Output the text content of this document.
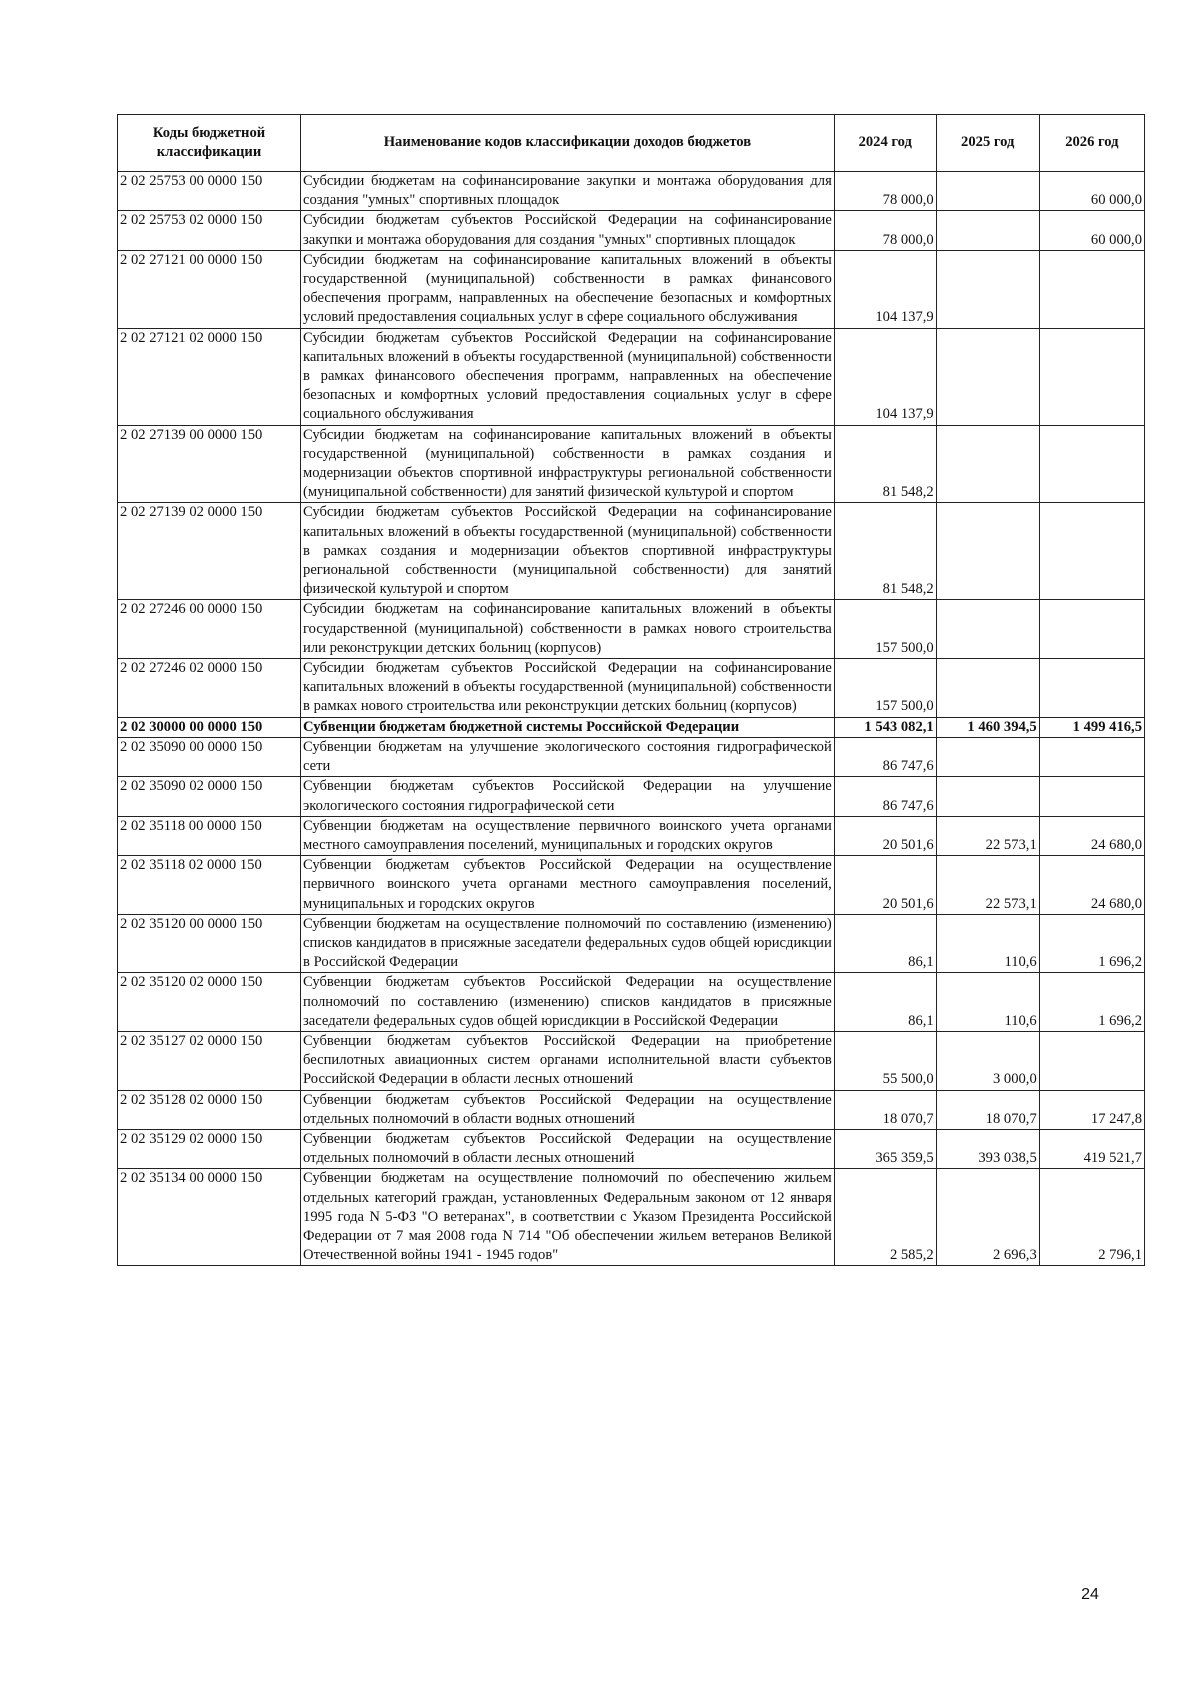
Коды бюджетной классификации	Наименование кодов классификации доходов бюджетов	2024 год	2025 год	2026 год
2 02 25753 00 0000 150	Субсидии бюджетам на софинансирование закупки и монтажа оборудования для создания "умных" спортивных площадок	78 000,0		60 000,0
2 02 25753 02 0000 150	Субсидии бюджетам субъектов Российской Федерации на софинансирование закупки и монтажа оборудования для создания "умных" спортивных площадок	78 000,0		60 000,0
2 02 27121 00 0000 150	Субсидии бюджетам на софинансирование капитальных вложений в объекты государственной (муниципальной) собственности в рамках финансового обеспечения программ, направленных на обеспечение безопасных и комфортных условий предоставления социальных услуг в сфере социального обслуживания	104 137,9		
2 02 27121 02 0000 150	Субсидии бюджетам субъектов Российской Федерации на софинансирование капитальных вложений в объекты государственной (муниципальной) собственности в рамках финансового обеспечения программ, направленных на обеспечение безопасных и комфортных условий предоставления социальных услуг в сфере социального обслуживания	104 137,9		
2 02 27139 00 0000 150	Субсидии бюджетам на софинансирование капитальных вложений в объекты государственной (муниципальной) собственности в рамках создания и модернизации объектов спортивной инфраструктуры региональной собственности (муниципальной собственности) для занятий физической культурой и спортом	81 548,2		
2 02 27139 02 0000 150	Субсидии бюджетам субъектов Российской Федерации на софинансирование капитальных вложений в объекты государственной (муниципальной) собственности в рамках создания и модернизации объектов спортивной инфраструктуры региональной собственности (муниципальной собственности) для занятий физической культурой и спортом	81 548,2		
2 02 27246 00 0000 150	Субсидии бюджетам на софинансирование капитальных вложений в объекты государственной (муниципальной) собственности в рамках нового строительства или реконструкции детских больниц (корпусов)	157 500,0		
2 02 27246 02 0000 150	Субсидии бюджетам субъектов Российской Федерации на софинансирование капитальных вложений в объекты государственной (муниципальной) собственности в рамках нового строительства или реконструкции детских больниц (корпусов)	157 500,0		
2 02 30000 00 0000 150	Субвенции бюджетам бюджетной системы Российской Федерации	1 543 082,1	1 460 394,5	1 499 416,5
2 02 35090 00 0000 150	Субвенции бюджетам на улучшение экологического состояния гидрографической сети	86 747,6		
2 02 35090 02 0000 150	Субвенции бюджетам субъектов Российской Федерации на улучшение экологического состояния гидрографической сети	86 747,6		
2 02 35118 00 0000 150	Субвенции бюджетам на осуществление первичного воинского учета органами местного самоуправления поселений, муниципальных и городских округов	20 501,6	22 573,1	24 680,0
2 02 35118 02 0000 150	Субвенции бюджетам субъектов Российской Федерации на осуществление первичного воинского учета органами местного самоуправления поселений, муниципальных и городских округов	20 501,6	22 573,1	24 680,0
2 02 35120 00 0000 150	Субвенции бюджетам на осуществление полномочий по составлению (изменению) списков кандидатов в присяжные заседатели федеральных судов общей юрисдикции в Российской Федерации	86,1	110,6	1 696,2
2 02 35120 02 0000 150	Субвенции бюджетам субъектов Российской Федерации на осуществление полномочий по составлению (изменению) списков кандидатов в присяжные заседатели федеральных судов общей юрисдикции в Российской Федерации	86,1	110,6	1 696,2
2 02 35127 02 0000 150	Субвенции бюджетам субъектов Российской Федерации на приобретение беспилотных авиационных систем органами исполнительной власти субъектов Российской Федерации в области лесных отношений	55 500,0	3 000,0	
2 02 35128 02 0000 150	Субвенции бюджетам субъектов Российской Федерации на осуществление отдельных полномочий в области водных отношений	18 070,7	18 070,7	17 247,8
2 02 35129 02 0000 150	Субвенции бюджетам субъектов Российской Федерации на осуществление отдельных полномочий в области лесных отношений	365 359,5	393 038,5	419 521,7
2 02 35134 00 0000 150	Субвенции бюджетам на осуществление полномочий по обеспечению жильем отдельных категорий граждан, установленных Федеральным законом от 12 января 1995 года N 5-ФЗ "О ветеранах", в соответствии с Указом Президента Российской Федерации от 7 мая 2008 года N 714 "Об обеспечении жильем ветеранов Великой Отечественной войны 1941 - 1945 годов"	2 585,2	2 696,3	2 796,1
24
